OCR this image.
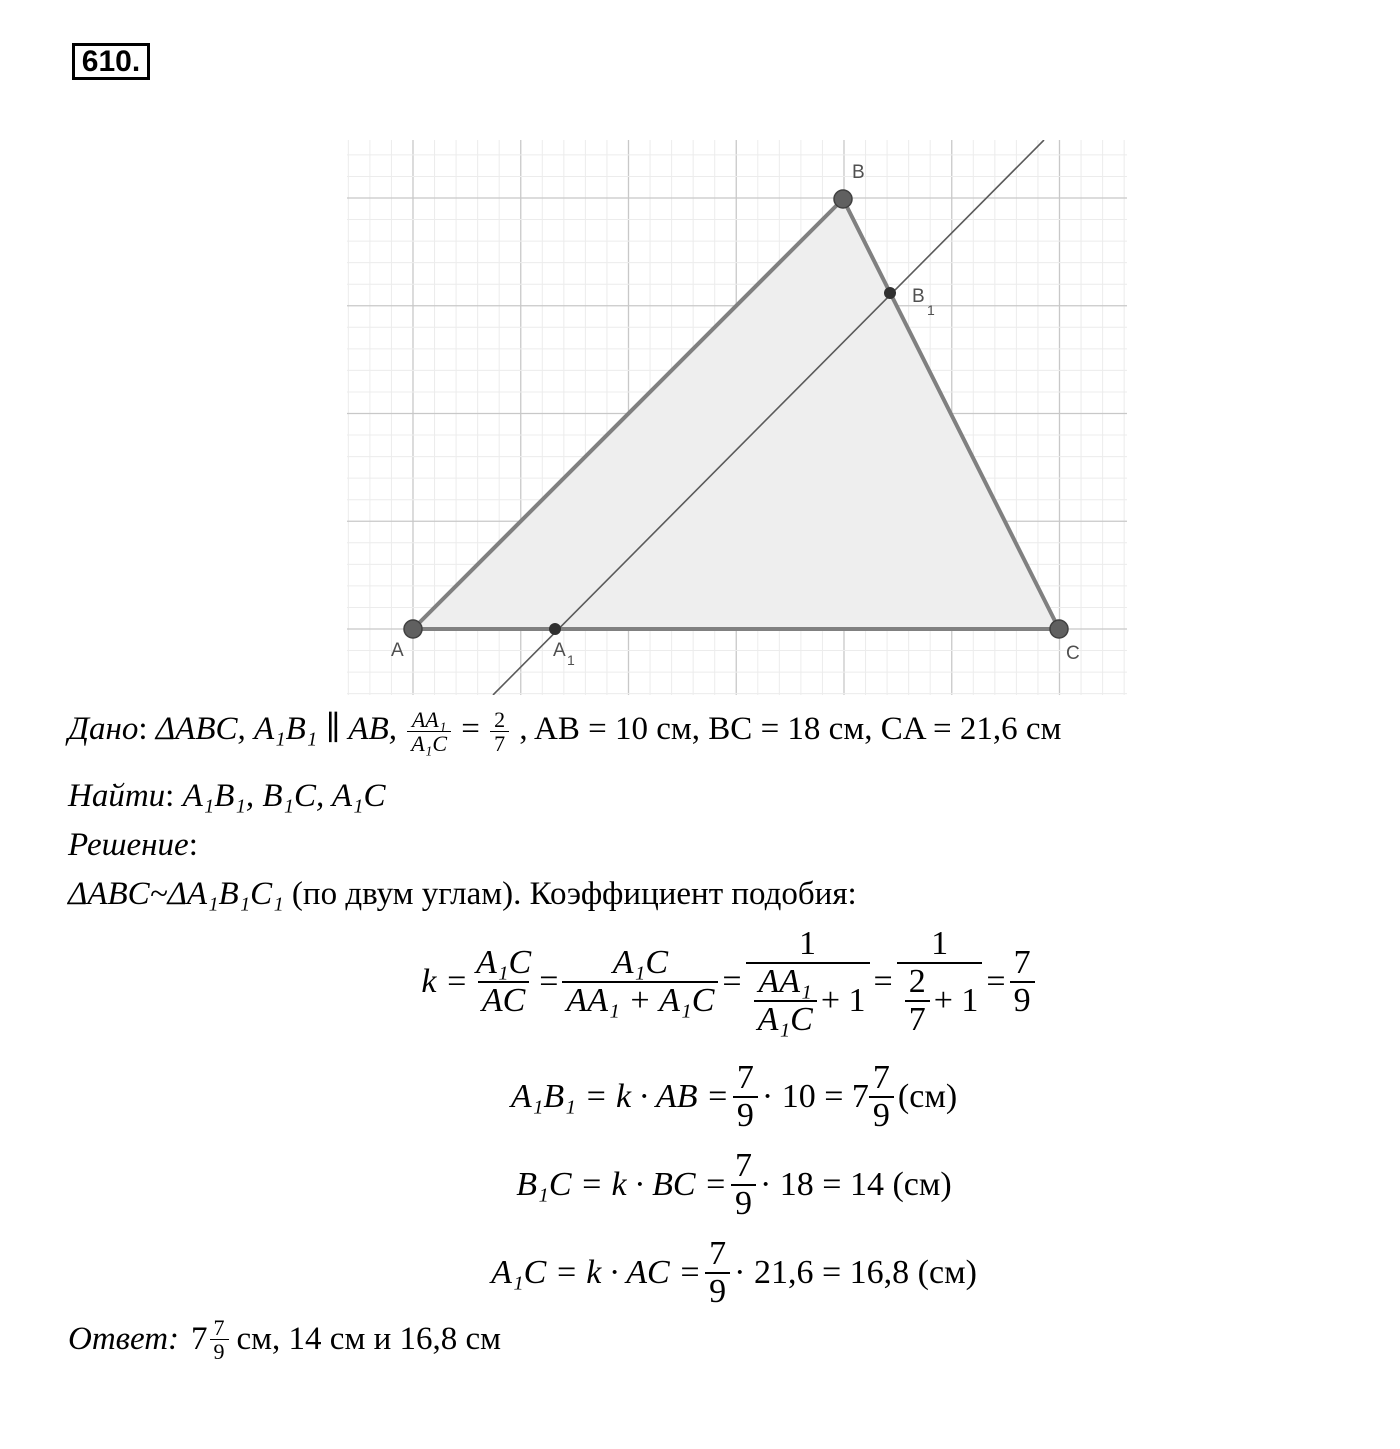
610.
A	A 1
B
B
1
C
Дано: ΔABC, A₁B₁ ∥ AB, $\frac{\text{AA₁}}{\text{A₁C}} = \frac{2}{7}$ , AB = 10 см, BC = 18 см, CA = 21,6 см
Найти: A₁B₁, B₁C, A₁C
Решение:
ΔABC~ΔA₁B₁C₁ (по двум углам). Коэффициент подобия:
$k = \frac{\text{A₁C}}{AC} = \frac{\text{A₁C}}{\text{AA₁ + A₁C}} = \frac{1}{\frac{\text{AA₁}}{\text{A₁C}} + 1} = \frac{1}{\frac{2}{7} + 1} = \frac{7}{9}$
A₁B₁ = k · AB = $\frac{7}{9} \cdot 10 = 7 \frac{7}{9} (см)$
B₁C = k · BC = $\frac{7}{9} \cdot 18 = 14$ (см)
A₁C = k · AC = $\frac{7}{9} \cdot 21,6 = 16,8$ (см)
Ответ: $7 \frac{7}{9}$ см, 14 см и 16,8 см
